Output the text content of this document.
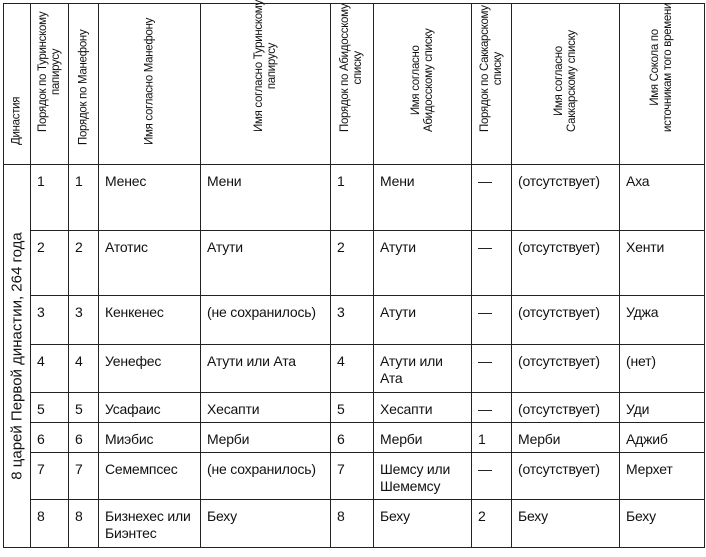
Династия	Порядок по Туринскому
папирусу	Порядок по Манефону	Имя согласно Манефону	Имя согласно Туринскому
папирусу	Порядок по Абидосскому
списку	Имя согласно
Абидосскому списку	Порядок по Саккарскому
списку	Имя согласно
Саккарскому списку	Имя Сокола по
источникам того времени

8 царей Первой династии, 264 года	1	1	Менес	Мени	1	Мени	—	(отсутствует)	Аха
	2	2	Атотис	Атути	2	Атути	—	(отсутствует)	Хенти
	3	3	Кенкенес	(не сохранилось)	3	Атути	—	(отсутствует)	Уджа
	4	4	Уенефес	Атути или Ата	4	Атути или
Ата	—	(отсутствует)	(нет)
	5	5	Усафаис	Хесапти	5	Хесапти	—	(отсутствует)	Уди
	6	6	Миэбис	Мерби	6	Мерби	1	Мерби	Аджиб
	7	7	Семемпсес	(не сохранилось)	7	Шемсу или
Шемемсу	—	(отсутствует)	Мерхет
	8	8	Бизнехес или
Биэнтес	Беху	8	Беху	2	Беху	Беху
